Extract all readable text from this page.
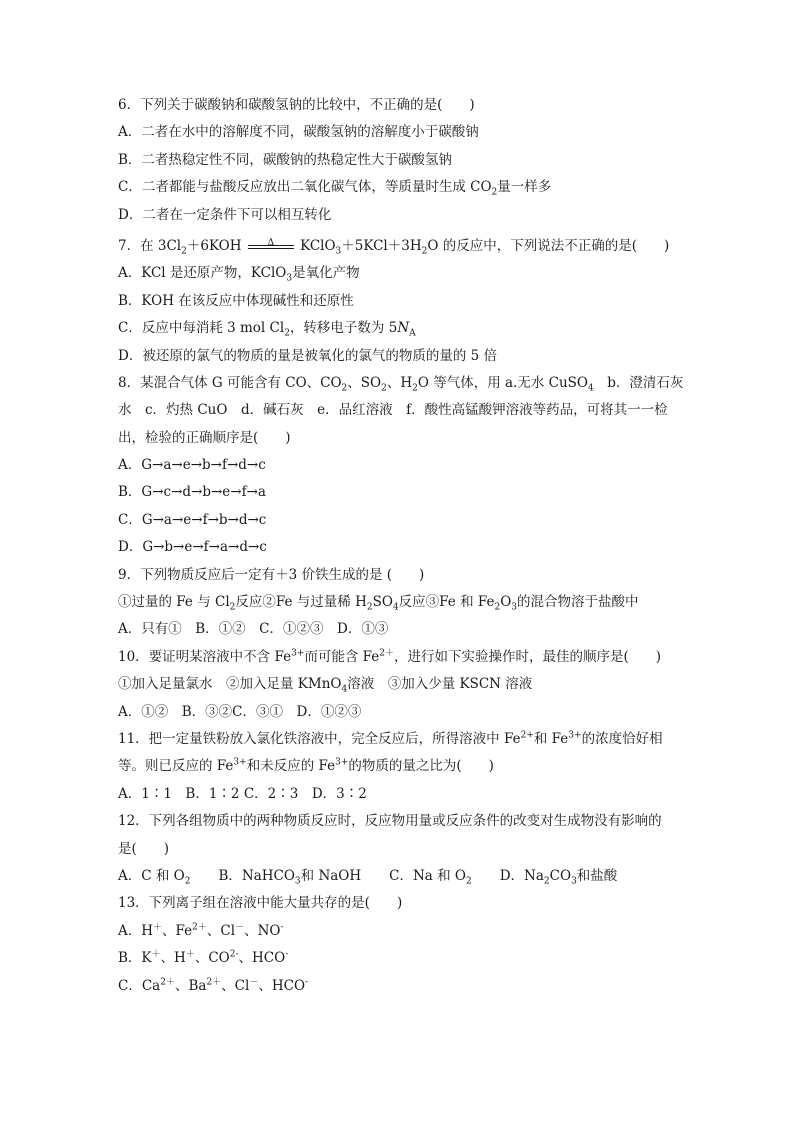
6．下列关于碳酸钠和碳酸氢钠的比较中，不正确的是(　　)
A．二者在水中的溶解度不同，碳酸氢钠的溶解度小于碳酸钠
B．二者热稳定性不同，碳酸钠的热稳定性大于碳酸氢钠
C．二者都能与盐酸反应放出二氧化碳气体，等质量时生成 $CO_2$量一样多
D．二者在一定条件下可以相互转化
7．在 $3Cl_2+6KOH$	Δ	$KClO_3+5KCl+3H_2O$ 的反应中，下列说法不正确的是(　　)
A．KCl 是还原产物，KClO$_3$是氧化产物
B．KOH 在该反应中体现碱性和还原性
C．反应中每消耗 3 mol $Cl_2$，转移电子数为 $5N_A$
D．被还原的氯气的物质的量是被氧化的氯气的物质的量的 5 倍
8．某混合气体 G 可能含有 CO、$CO_2$、$SO_2$、$H_2O$ 等气体，用 a.无水 CuSO$_4$　b．澄清石灰
水　c．灼热 CuO　d．碱石灰　e．品红溶液　f．酸性高锰酸钾溶液等药品，可将其一一检
出，检验的正确顺序是(　　)
A．G→a→e→b→f→d→c
B．G→c→d→b→e→f→a
C．G→a→e→f→b→d→c
D．G→b→e→f→a→d→c
9．下列物质反应后一定有＋3 价铁生成的是 (　　)
①过量的 Fe 与 $Cl_2$反应②Fe 与过量稀 $H_2SO_4$反应③Fe 和 $Fe_2O_3$的混合物溶于盐酸中
A．只有①　B．①②　C．①②③　D．①③
10．要证明某溶液中不含 $Fe^{3+}$而可能含 $Fe^{2+}$，进行如下实验操作时，最佳的顺序是(　　)
①加入足量氯水　②加入足量 KMnO$_4$溶液　③加入少量 KSCN 溶液
A．①②　B．③②C．③①　D．①②③
11．把一定量铁粉放入氯化铁溶液中，完全反应后，所得溶液中 $Fe^{2+}$和 $Fe^{3+}$的浓度恰好相
等。则已反应的 $Fe^{3+}$和未反应的 $Fe^{3+}$的物质的量之比为(　　)
A．1∶1　B．1∶2 C．2∶3　D．3∶2
12．下列各组物质中的两种物质反应时，反应物用量或反应条件的改变对生成物没有影响的
是(　　)
A．C 和 $O_2$ B．NaHCO$_3$和 NaOH C．Na 和 $O_2$ D．$Na_2CO_3$和盐酸
13．下列离子组在溶液中能大量共存的是(　　)
A．H＋、$Fe^{2+}$、Cl－、NO-
B．K＋、H＋、$CO^{2-}$、HCO-
C．$Ca^{2+}$、$Ba^{2+}$、Cl－、HCO-
